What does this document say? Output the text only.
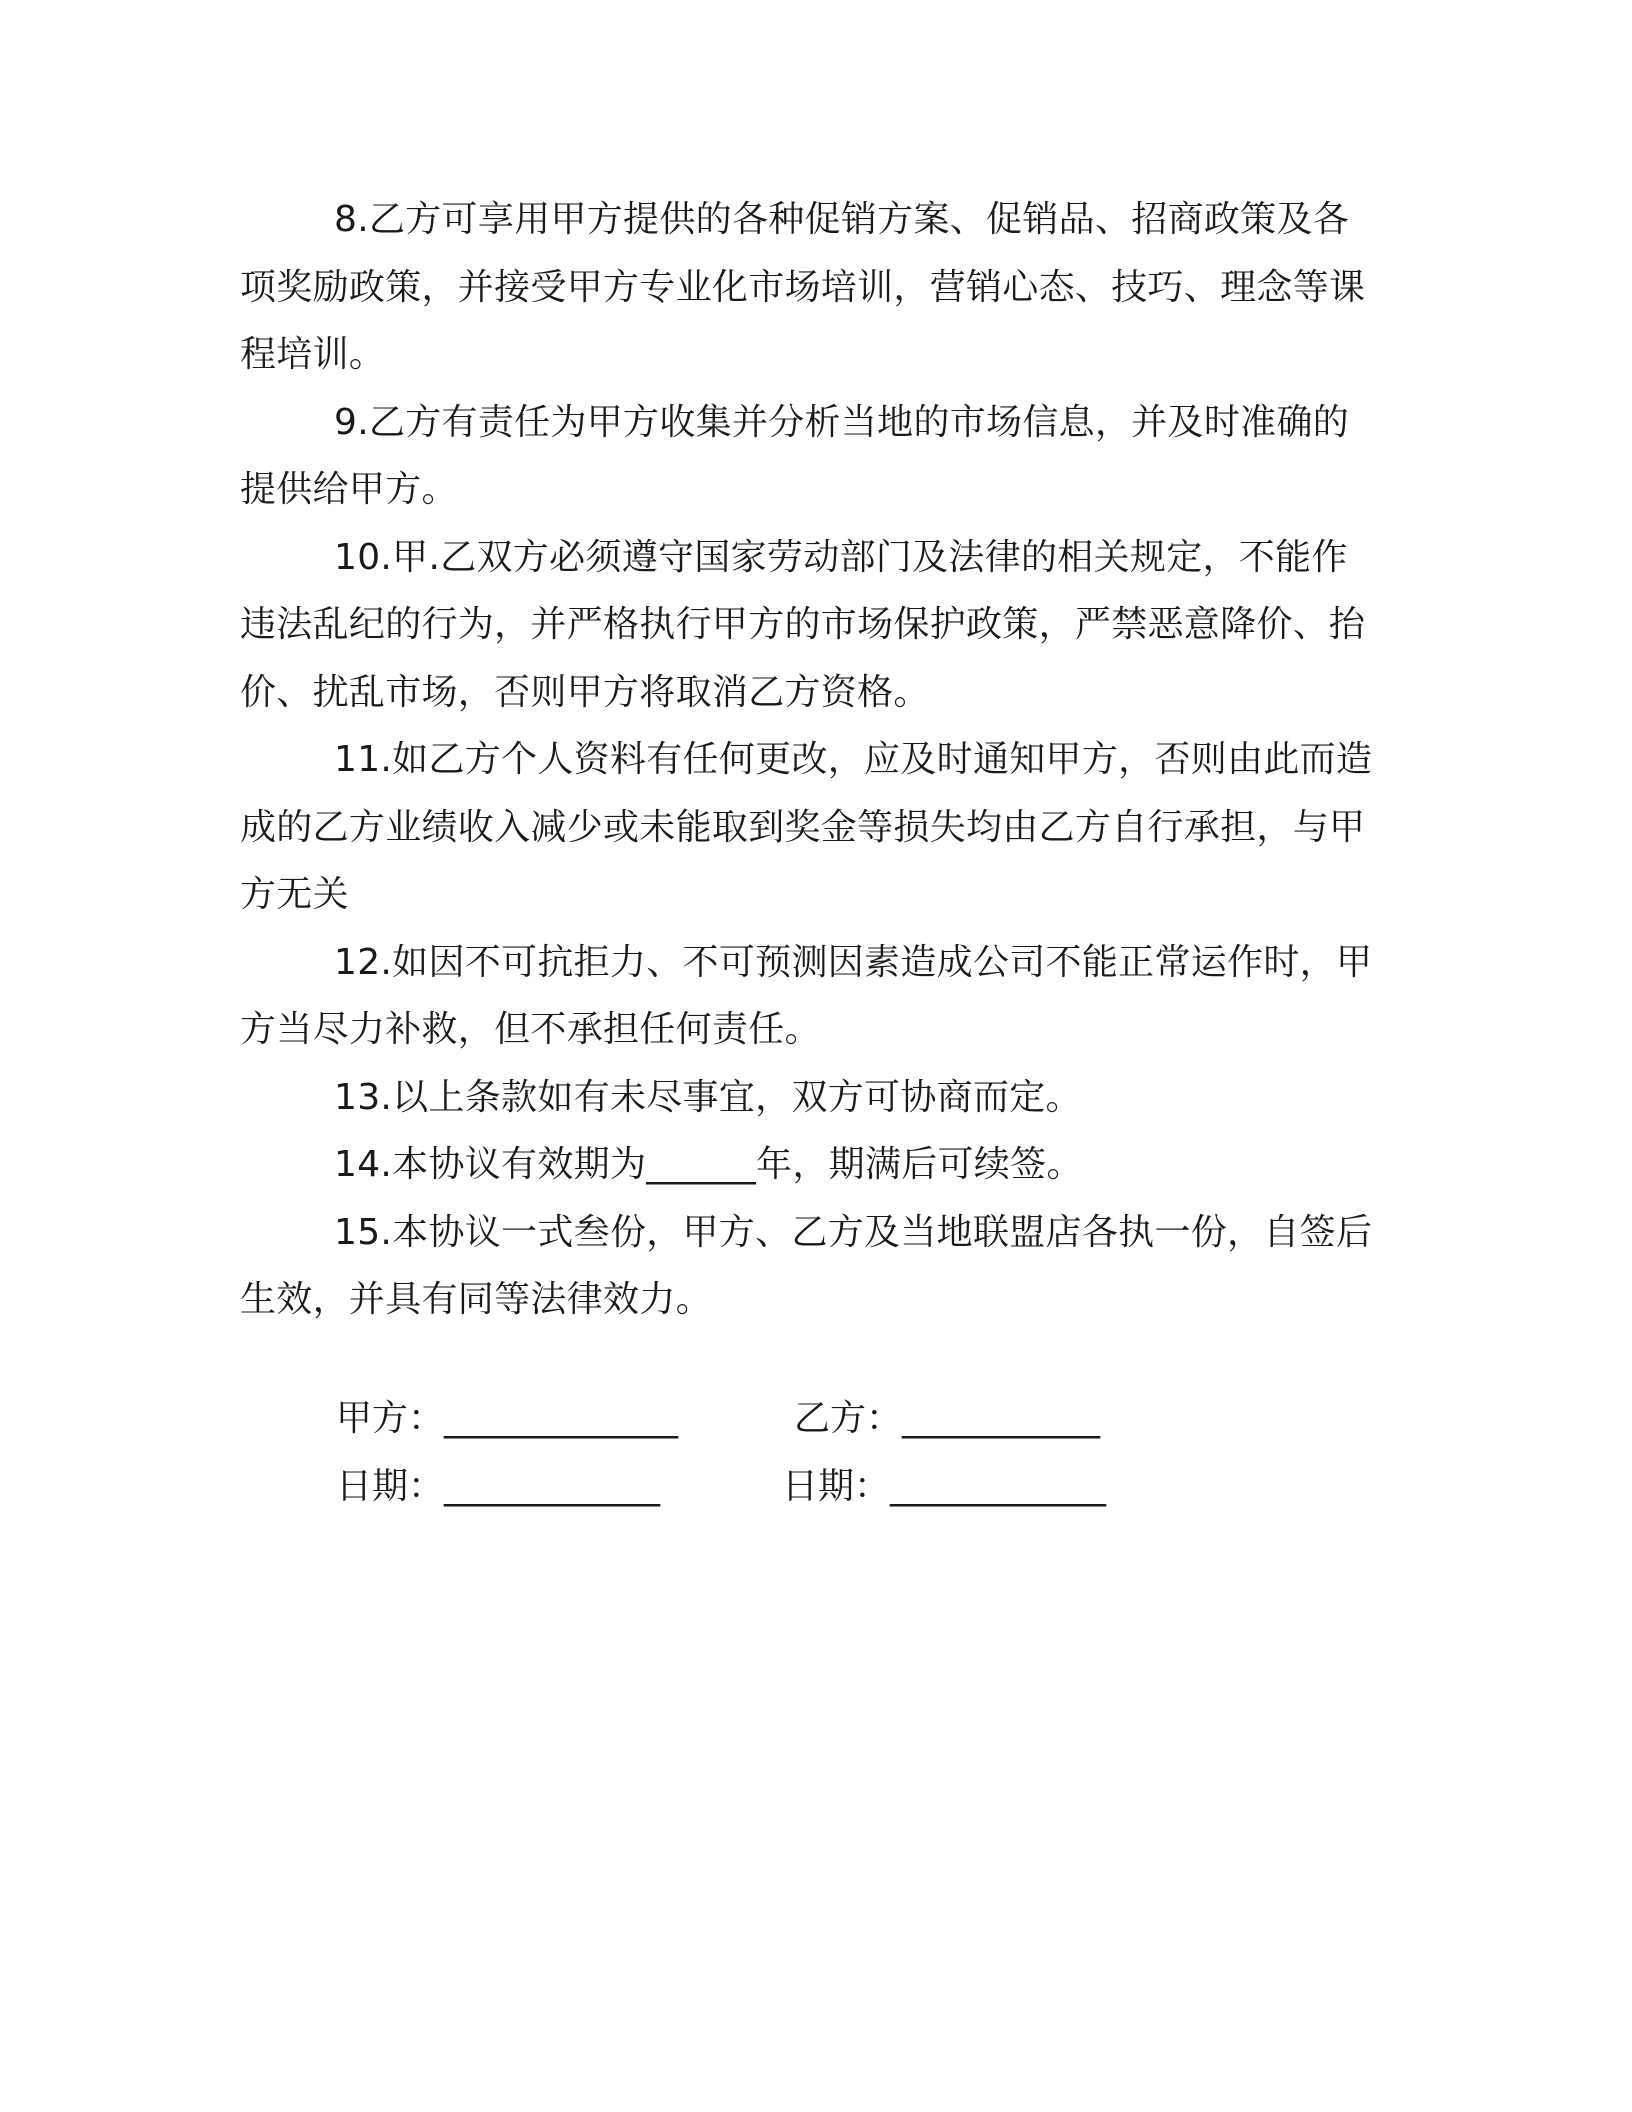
8.乙方可享用甲方提供的各种促销方案、促销品、招商政策及各项奖励政策，并接受甲方专业化市场培训，营销心态、技巧、理念等课程培训。

9.乙方有责任为甲方收集并分析当地的市场信息，并及时准确的提供给甲方。

10.甲.乙双方必须遵守国家劳动部门及法律的相关规定，不能作违法乱纪的行为，并严格执行甲方的市场保护政策，严禁恶意降价、抬价、扰乱市场，否则甲方将取消乙方资格。

11.如乙方个人资料有任何更改，应及时通知甲方，否则由此而造成的乙方业绩收入减少或未能取到奖金等损失均由乙方自行承担，与甲方无关

12.如因不可抗拒力、不可预测因素造成公司不能正常运作时，甲方当尽力补救，但不承担任何责任。

13.以上条款如有未尽事宜，双方可协商而定。

14.本协议有效期为______年，期满后可续签。

15.本协议一式叁份，甲方、乙方及当地联盟店各执一份，自签后生效，并具有同等法律效力。

甲方：_____________	乙方：___________
日期：____________	日期：____________
